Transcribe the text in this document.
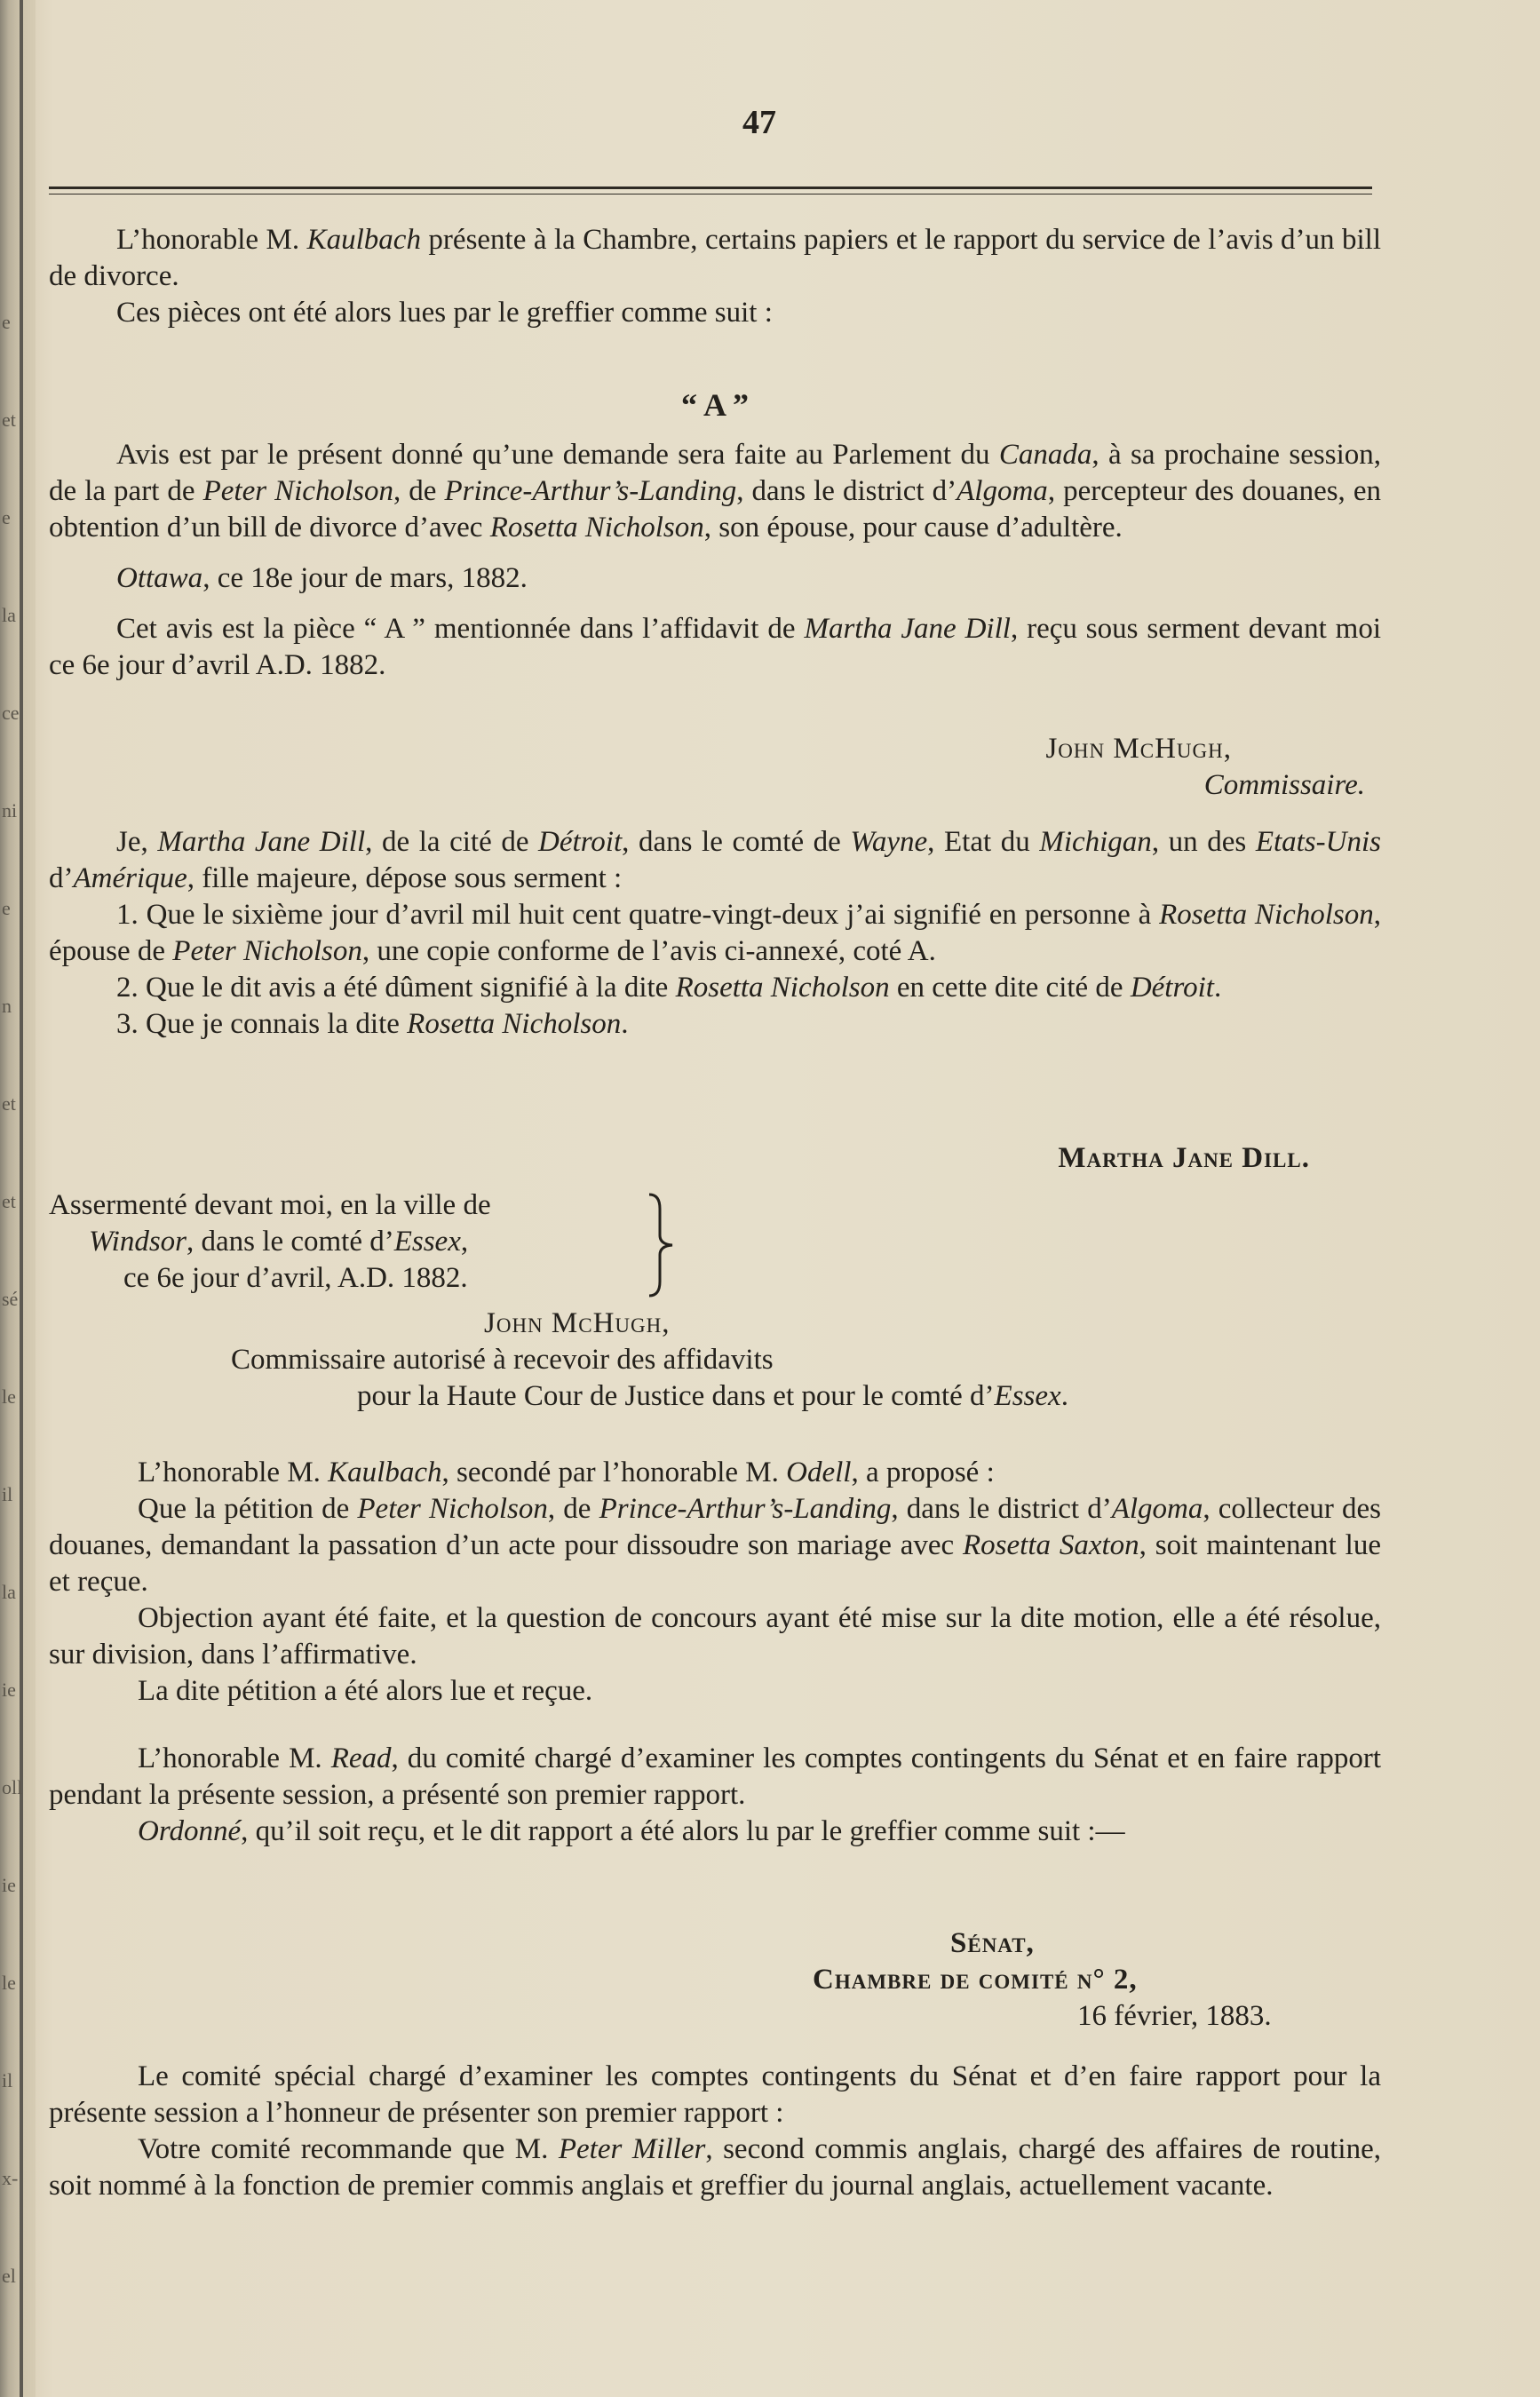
e
et
e
la
ce
ni
e
n
et
et
sé
le
il
la
ie
oll
ie
le
il
x-
el
47

L’honorable M. Kaulbach présente à la Chambre, certains papiers et le rapport du service de l’avis d’un bill de divorce.

Ces pièces ont été alors lues par le greffier comme suit :

“ A ”

Avis est par le présent donné qu’une demande sera faite au Parlement du Canada, à sa prochaine session, de la part de Peter Nicholson, de Prince-Arthur’s-Landing, dans le district d’Algoma, percepteur des douanes, en obtention d’un bill de divorce d’avec Rosetta Nicholson, son épouse, pour cause d’adultère.

Ottawa, ce 18e jour de mars, 1882.

Cet avis est la pièce “ A ” mentionnée dans l’affidavit de Martha Jane Dill, reçu sous serment devant moi ce 6e jour d’avril A.D. 1882.

John McHugh,
Commissaire.

Je, Martha Jane Dill, de la cité de Détroit, dans le comté de Wayne, Etat du Michigan, un des Etats-Unis d’Amérique, fille majeure, dépose sous serment :

1. Que le sixième jour d’avril mil huit cent quatre-vingt-deux j’ai signifié en personne à Rosetta Nicholson, épouse de Peter Nicholson, une copie conforme de l’avis ci-annexé, coté A.

2. Que le dit avis a été dûment signifié à la dite Rosetta Nicholson en cette dite cité de Détroit.

3. Que je connais la dite Rosetta Nicholson.

Martha Jane Dill.
Assermenté devant moi, en la ville de
Windsor, dans le comté d’Essex,
ce 6e jour d’avril, A.D. 1882.
John McHugh,
Commissaire autorisé à recevoir des affidavits
pour la Haute Cour de Justice dans et pour le comté d’Essex.

L’honorable M. Kaulbach, secondé par l’honorable M. Odell, a proposé :

Que la pétition de Peter Nicholson, de Prince-Arthur’s-Landing, dans le district d’Algoma, collecteur des douanes, demandant la passation d’un acte pour dissoudre son mariage avec Rosetta Saxton, soit maintenant lue et reçue.

Objection ayant été faite, et la question de concours ayant été mise sur la dite motion, elle a été résolue, sur division, dans l’affirmative.

La dite pétition a été alors lue et reçue.

L’honorable M. Read, du comité chargé d’examiner les comptes contingents du Sénat et en faire rapport pendant la présente session, a présenté son premier rapport.

Ordonné, qu’il soit reçu, et le dit rapport a été alors lu par le greffier comme suit :—

Sénat,
Chambre de comité n° 2,
16 février, 1883.

Le comité spécial chargé d’examiner les comptes contingents du Sénat et d’en faire rapport pour la présente session a l’honneur de présenter son premier rapport :

Votre comité recommande que M. Peter Miller, second commis anglais, chargé des affaires de routine, soit nommé à la fonction de premier commis anglais et greffier du journal anglais, actuellement vacante.
